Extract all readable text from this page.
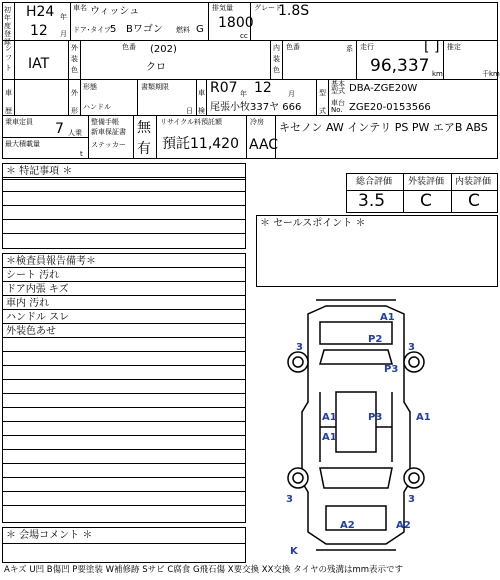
初年度登録
H24 年
12 月
車名 ウィッシュ
ドア･タイプ 5 Bワゴン 燃料 G
排気量
1800
cc
グレード
1.8S
シフト IAT
外装色
色番 (202)
クロ
内装色
色番	系 走行	[ ]
96,337 km
推定
千km
車歴
外形
形態
ハンドル
書類期限
日
車検
R07 年 12 月
尾張小牧337ヤ 666
型式
基本型式 DBA-ZGE20W
車台 No. ZGE20-0153566
乗車定員 7 人乗
最大積載量
t
整備手帳
新車保証書
ステッカー
無
有
リサイクル料預託額
預託11,420
冷房
AAC
キセノン AW インテリ PS PW エアB ABS
＊ 特記事項 ＊
＊検査員報告備考＊
シート 汚れ
ドア内張 キズ
車内 汚れ
ハンドル スレ
外装色あせ
＊ 会場コメント ＊
総合評価 外装評価 内装評価
3.5 C C
＊ セールスポイント ＊
A1
P2
3	3
P3
A1	P3	A1
A1
3	3
A2	A2
K
Aキズ U凹 B傷凹 P要塗装 W補修跡 Sサビ C腐食 G飛石傷 X要交換 XX交換 タイヤの残溝はmm表示です
